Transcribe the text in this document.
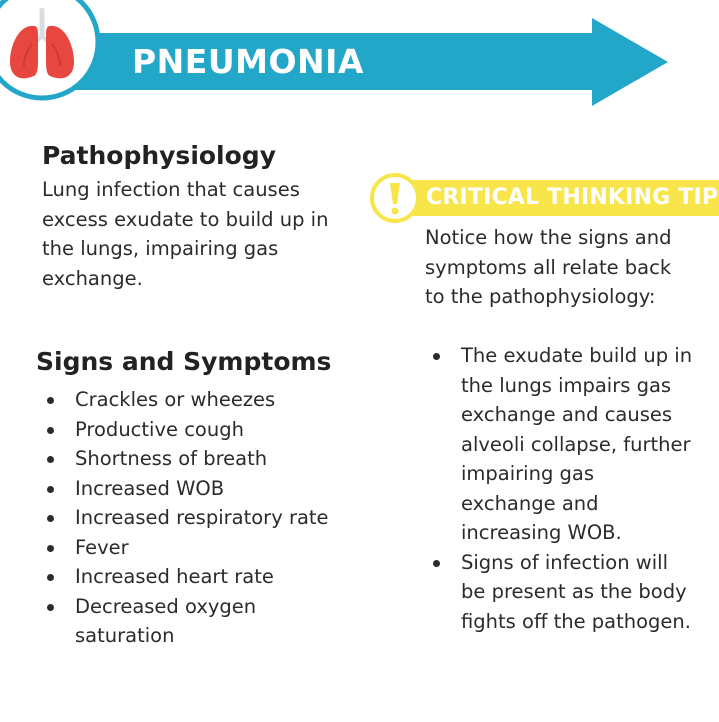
PNEUMONIA
Pathophysiology
Lung infection that causes excess exudate to build up in the lungs, impairing gas exchange.
Signs and Symptoms
Crackles or wheezes
Productive cough
Shortness of breath
Increased WOB
Increased respiratory rate
Fever
Increased heart rate
Decreased oxygen saturation
CRITICAL THINKING TIP
Notice how the signs and symptoms all relate back to the pathophysiology:
The exudate build up in the lungs impairs gas exchange and causes alveoli collapse, further impairing gas exchange and increasing WOB.
Signs of infection will be present as the body fights off the pathogen.
